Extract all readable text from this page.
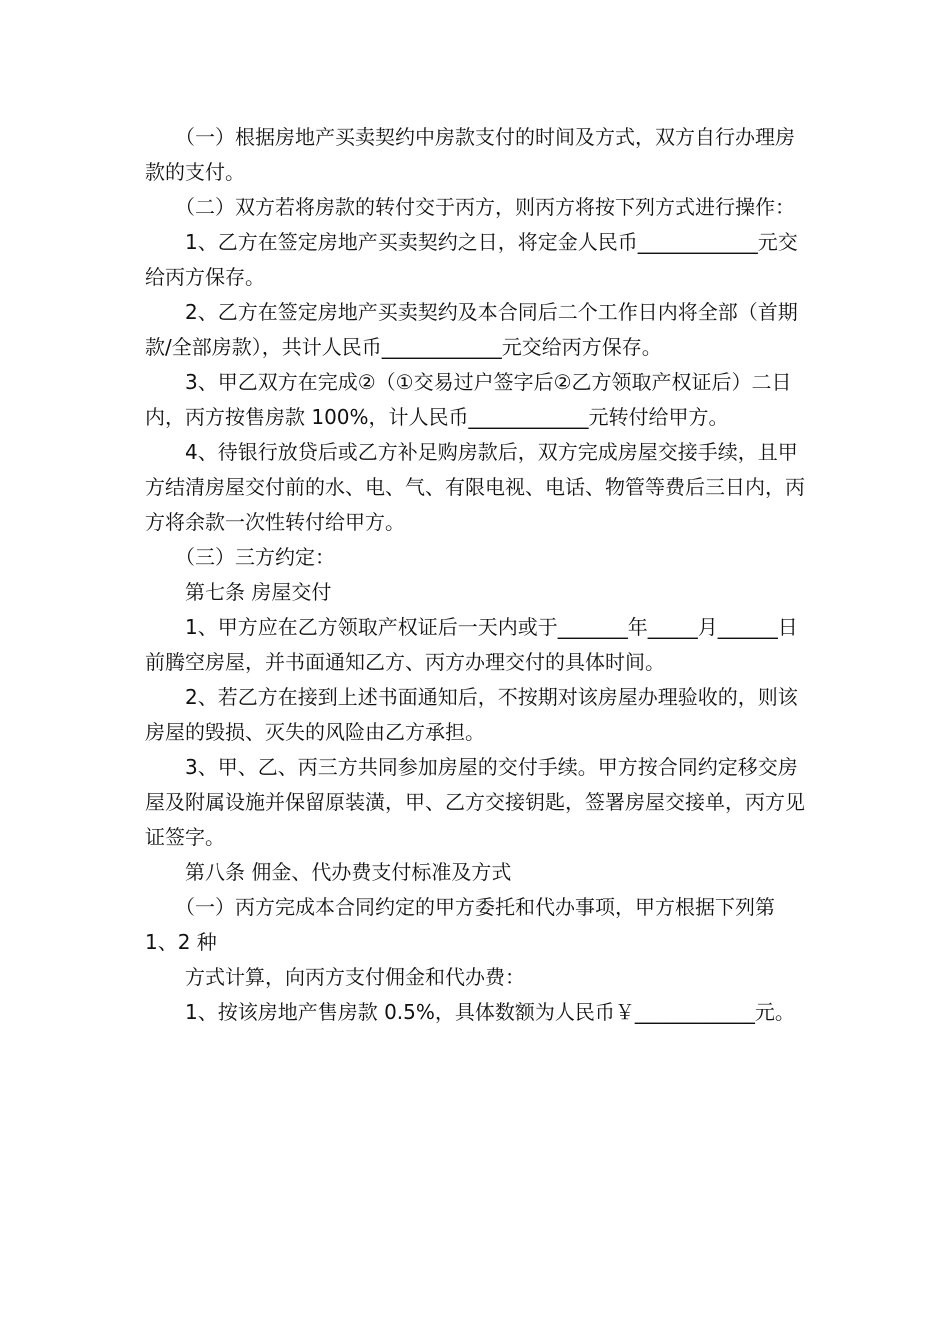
　　（一）根据房地产买卖契约中房款支付的时间及方式，双方自行办理房款的支付。

　　（二）双方若将房款的转付交于丙方，则丙方将按下列方式进行操作：

　　1、乙方在签定房地产买卖契约之日，将定金人民币____________元交给丙方保存。

　　2、乙方在签定房地产买卖契约及本合同后二个工作日内将全部（首期款/全部房款），共计人民币____________元交给丙方保存。

　　3、甲乙双方在完成②（①交易过户签字后②乙方领取产权证后）二日内，丙方按售房款 100%，计人民币____________元转付给甲方。

　　4、待银行放贷后或乙方补足购房款后，双方完成房屋交接手续，且甲方结清房屋交付前的水、电、气、有限电视、电话、物管等费后三日内，丙方将余款一次性转付给甲方。

　　（三）三方约定：

　　第七条 房屋交付

　　1、甲方应在乙方领取产权证后一天内或于_______年_____月______日前腾空房屋，并书面通知乙方、丙方办理交付的具体时间。

　　2、若乙方在接到上述书面通知后，不按期对该房屋办理验收的，则该房屋的毁损、灭失的风险由乙方承担。

　　3、甲、乙、丙三方共同参加房屋的交付手续。甲方按合同约定移交房屋及附属设施并保留原装潢，甲、乙方交接钥匙，签署房屋交接单，丙方见证签字。

　　第八条 佣金、代办费支付标准及方式

　　（一）丙方完成本合同约定的甲方委托和代办事项，甲方根据下列第 1、2 种

　　方式计算，向丙方支付佣金和代办费：

　　1、按该房地产售房款 0.5%，具体数额为人民币￥____________元。
